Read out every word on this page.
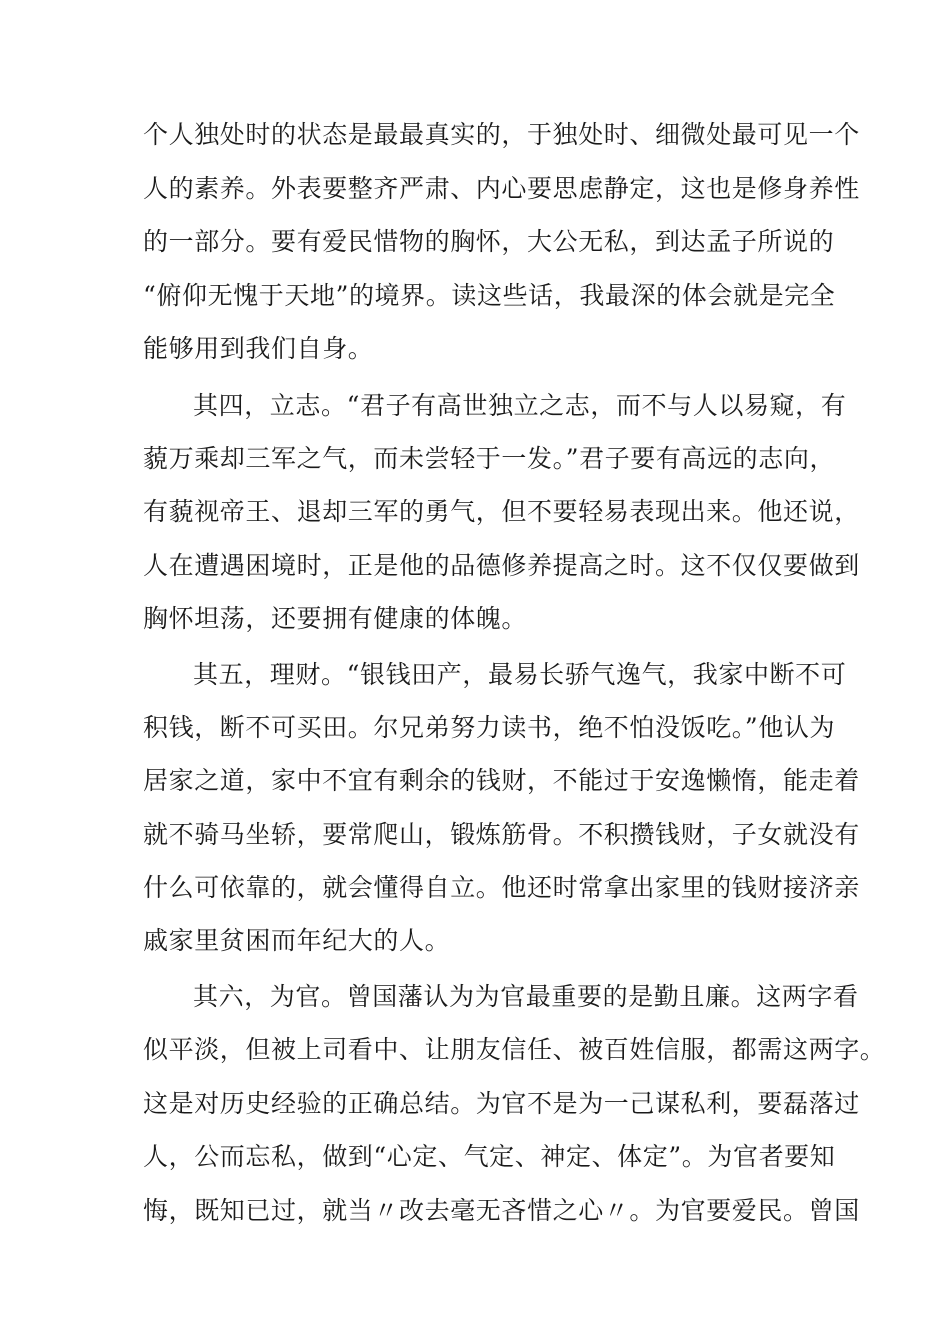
个人独处时的状态是最最真实的，于独处时、细微处最可见一个
人的素养。外表要整齐严肃、内心要思虑静定，这也是修身养性
的一部分。要有爱民惜物的胸怀，大公无私，到达孟子所说的
“俯仰无愧于天地”的境界。读这些话，我最深的体会就是完全
能够用到我们自身。
其四，立志。“君子有高世独立之志，而不与人以易窥，有
藐万乘却三军之气，而未尝轻于一发。”君子要有高远的志向，
有藐视帝王、退却三军的勇气，但不要轻易表现出来。他还说，
人在遭遇困境时，正是他的品德修养提高之时。这不仅仅要做到
胸怀坦荡，还要拥有健康的体魄。
其五，理财。“银钱田产，最易长骄气逸气，我家中断不可
积钱，断不可买田。尔兄弟努力读书，绝不怕没饭吃。”他认为
居家之道，家中不宜有剩余的钱财，不能过于安逸懒惰，能走着
就不骑马坐轿，要常爬山，锻炼筋骨。不积攒钱财，子女就没有
什么可依靠的，就会懂得自立。他还时常拿出家里的钱财接济亲
戚家里贫困而年纪大的人。
其六，为官。曾国藩认为为官最重要的是勤且廉。这两字看
似平淡，但被上司看中、让朋友信任、被百姓信服，都需这两字。
这是对历史经验的正确总结。为官不是为一己谋私利，要磊落过
人，公而忘私，做到“心定、气定、神定、体定”。为官者要知
悔，既知已过，就当〃改去毫无吝惜之心〃。为官要爱民。曾国
